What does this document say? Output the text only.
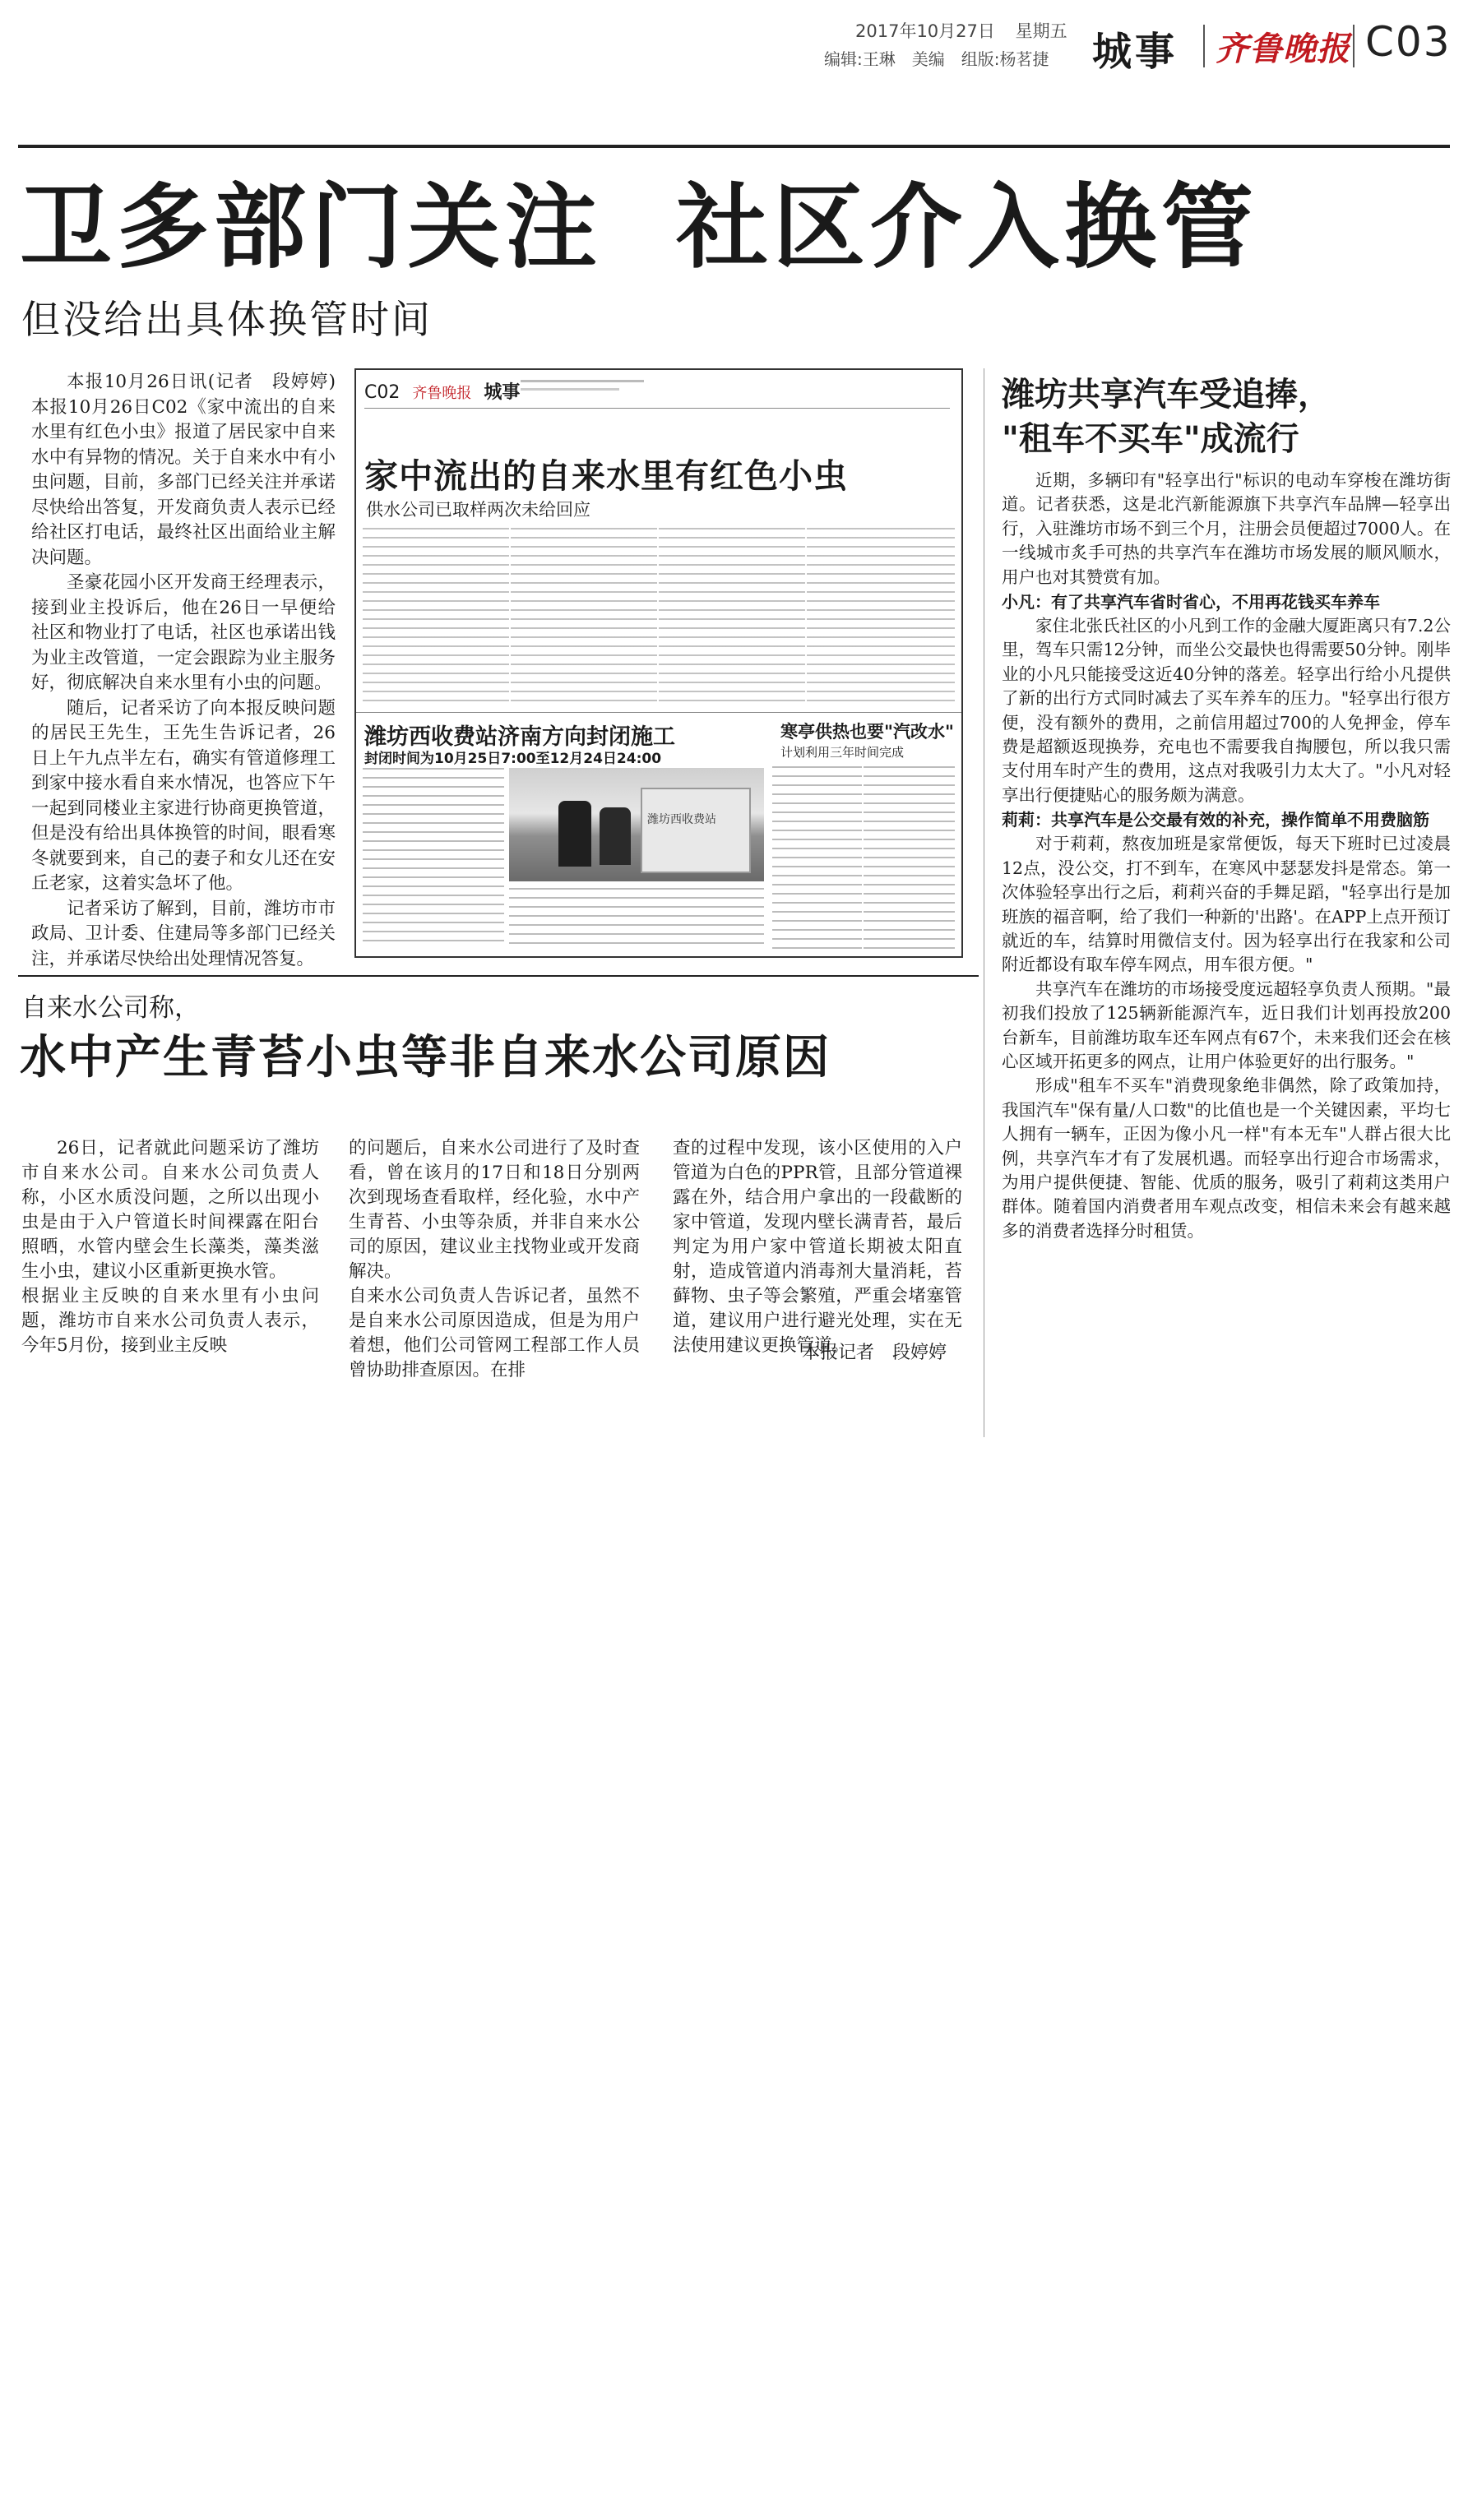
2017年10月27日 星期五
编辑:王琳　美编　组版:杨茗捷 城事 齐鲁晚报 C03
卫多部门关注  社区介入换管
但没给出具体换管时间

本报10月26日讯(记者　段婷婷)本报10月26日C02《家中流出的自来水里有红色小虫》报道了居民家中自来水中有异物的情况。关于自来水中有小虫问题，目前，多部门已经关注并承诺尽快给出答复，开发商负责人表示已经给社区打电话，最终社区出面给业主解决问题。

圣豪花园小区开发商王经理表示，接到业主投诉后，他在26日一早便给社区和物业打了电话，社区也承诺出钱为业主改管道，一定会跟踪为业主服务好，彻底解决自来水里有小虫的问题。

随后，记者采访了向本报反映问题的居民王先生，王先生告诉记者，26日上午九点半左右，确实有管道修理工到家中接水看自来水情况，也答应下午一起到同楼业主家进行协商更换管道，但是没有给出具体换管的时间，眼看寒冬就要到来，自己的妻子和女儿还在安丘老家，这着实急坏了他。

记者采访了解到，目前，潍坊市市政局、卫计委、住建局等多部门已经关注，并承诺尽快给出处理情况答复。

C02 齐鲁晚报 城事
家中流出的自来水里有红色小虫
供水公司已取样两次未给回应
潍坊西收费站济南方向封闭施工
封闭时间为10月25日7:00至12月24日24:00
寒亭供热也要"汽改水"
计划利用三年时间完成
潍坊西收费站
自来水公司称，
水中产生青苔小虫等非自来水公司原因

26日，记者就此问题采访了潍坊市自来水公司。自来水公司负责人称，小区水质没问题，之所以出现小虫是由于入户管道长时间裸露在阳台照晒，水管内壁会生长藻类，藻类滋生小虫，建议小区重新更换水管。
根据业主反映的自来水里有小虫问题，潍坊市自来水公司负责人表示，今年5月份，接到业主反映

的问题后，自来水公司进行了及时查看，曾在该月的17日和18日分别两次到现场查看取样，经化验，水中产生青苔、小虫等杂质，并非自来水公司的原因，建议业主找物业或开发商解决。
自来水公司负责人告诉记者，虽然不是自来水公司原因造成，但是为用户着想，他们公司管网工程部工作人员曾协助排查原因。在排

查的过程中发现，该小区使用的入户管道为白色的PPR管，且部分管道裸露在外，结合用户拿出的一段截断的家中管道，发现内壁长满青苔，最后判定为用户家中管道长期被太阳直射，造成管道内消毒剂大量消耗，苔藓物、虫子等会繁殖，严重会堵塞管道，建议用户进行避光处理，实在无法使用建议更换管道。

本报记者　段婷婷
潍坊共享汽车受追捧，
"租车不买车"成流行

近期，多辆印有"轻享出行"标识的电动车穿梭在潍坊街道。记者获悉，这是北汽新能源旗下共享汽车品牌—轻享出行，入驻潍坊市场不到三个月，注册会员便超过7000人。在一线城市炙手可热的共享汽车在潍坊市场发展的顺风顺水，用户也对其赞赏有加。

小凡：有了共享汽车省时省心，不用再花钱买车养车

家住北张氏社区的小凡到工作的金融大厦距离只有7.2公里，驾车只需12分钟，而坐公交最快也得需要50分钟。刚毕业的小凡只能接受这近40分钟的落差。轻享出行给小凡提供了新的出行方式同时减去了买车养车的压力。"轻享出行很方便，没有额外的费用，之前信用超过700的人免押金，停车费是超额返现换券，充电也不需要我自掏腰包，所以我只需支付用车时产生的费用，这点对我吸引力太大了。"小凡对轻享出行便捷贴心的服务颇为满意。

莉莉：共享汽车是公交最有效的补充，操作简单不用费脑筋

对于莉莉，熬夜加班是家常便饭，每天下班时已过凌晨12点，没公交，打不到车，在寒风中瑟瑟发抖是常态。第一次体验轻享出行之后，莉莉兴奋的手舞足蹈，"轻享出行是加班族的福音啊，给了我们一种新的'出路'。在APP上点开预订就近的车，结算时用微信支付。因为轻享出行在我家和公司附近都设有取车停车网点，用车很方便。"

共享汽车在潍坊的市场接受度远超轻享负责人预期。"最初我们投放了125辆新能源汽车，近日我们计划再投放200台新车，目前潍坊取车还车网点有67个，未来我们还会在核心区域开拓更多的网点，让用户体验更好的出行服务。"

形成"租车不买车"消费现象绝非偶然，除了政策加持，我国汽车"保有量/人口数"的比值也是一个关键因素，平均七人拥有一辆车，正因为像小凡一样"有本无车"人群占很大比例，共享汽车才有了发展机遇。而轻享出行迎合市场需求，为用户提供便捷、智能、优质的服务，吸引了莉莉这类用户群体。随着国内消费者用车观点改变，相信未来会有越来越多的消费者选择分时租赁。
